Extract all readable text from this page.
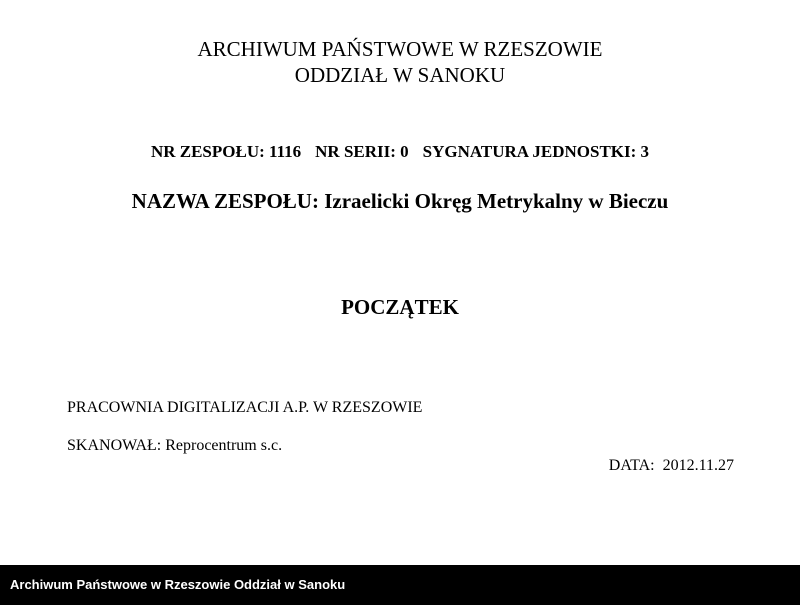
ARCHIWUM PAŃSTWOWE W RZESZOWIE
ODDZIAŁ W SANOKU
NR ZESPOŁU: 1116 NR SERII: 0 SYGNATURA JEDNOSTKI: 3
NAZWA ZESPOŁU: Izraelicki Okręg Metrykalny w Bieczu
POCZĄTEK
PRACOWNIA DIGITALIZACJI A.P. W RZESZOWIE
SKANOWAŁ: Reprocentrum s.c.
DATA:  2012.11.27
Archiwum Państwowe w Rzeszowie Oddział w Sanoku
